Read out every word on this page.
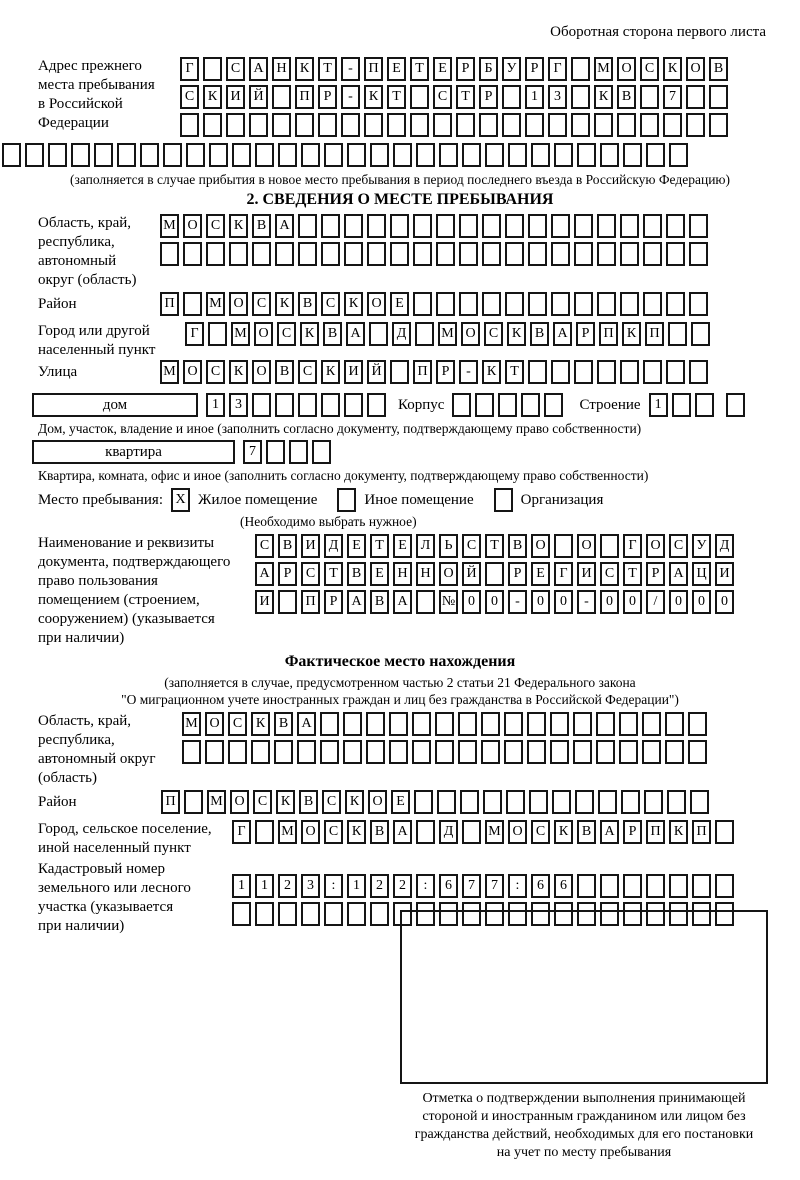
Оборотная сторона первого листа
Адрес прежнего
места пребывания
в Российской
Федерации
Г	С А Н К	Т	-	П Е	Т	Е	Р	Б	У	Р	Г	М О С К О В
С К И Й	П	Р	-	К	Т	С	Т	Р	1	3	К В	7
(заполняется в случае прибытия в новое место пребывания в период последнего въезда в Российскую Федерацию)
2. СВЕДЕНИЯ О МЕСТЕ ПРЕБЫВАНИЯ
Область, край,
республика,
автономный
округ (область)
М О С К В А
Район	П	М О С К В С К О Е
Город или другой
населенный пункт
Г	М О С К В А	Д	М О С К В А	Р	П К П
Улица	М О С К О В С К И Й	П	Р	-	К	Т
дом	1	3	Корпус	Строение	1
Дом, участок, владение и иное (заполнить согласно документу, подтверждающему право собственности)
квартира	7
Квартира, комната, офис и иное (заполнить согласно документу, подтверждающему право собственности)
Место пребывания: X Жилое помещение	Иное помещение	Организация
(Необходимо выбрать нужное)
Наименование и реквизиты
документа, подтверждающего
право пользования
помещением (строением,
сооружением) (указывается
при наличии)
С В И Д Е	Т	Е Л	Ь	С	Т	В О	О	Г О С У Д
А	Р	С	Т	В	Е Н Н О Й	Р	Е	Г И С	Т	Р	А Ц И
И	П	Р	А В А	№ 0	0	-	0	0	-	0	0	/	0	0	0
Фактическое место нахождения
(заполняется в случае, предусмотренном частью 2 статьи 21 Федерального закона
"О миграционном учете иностранных граждан и лиц без гражданства в Российской Федерации")
Область, край,
республика,
автономный округ
(область)
М О С К В А
Район	П	М О С К В С К О Е
Город, сельское поселение,
иной населенный пункт
Г	М О С К В А	Д	М О С К В А	Р	П К П
Кадастровый номер
земельного или лесного
участка (указывается
при наличии)
1	1	2	3	:	1	2	2	:	6	7	7	:	6	6
Отметка о подтверждении выполнения принимающей
стороной и иностранным гражданином или лицом без
гражданства действий, необходимых для его постановки
на учет по месту пребывания
